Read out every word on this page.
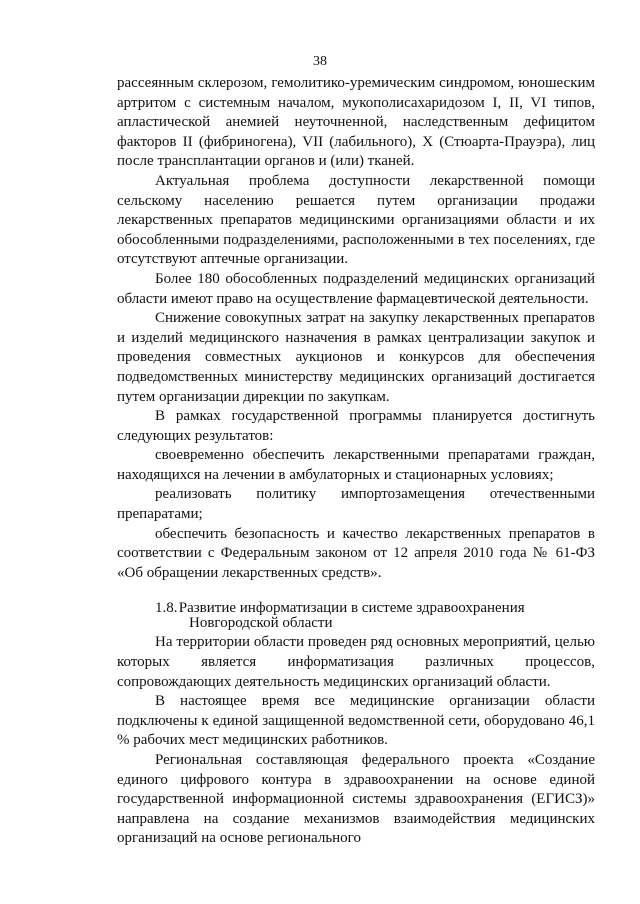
38

рассеянным склерозом, гемолитико-уремическим синдромом, юношеским артритом с системным началом, мукополисахаридозом I, II, VI типов, апластической анемией неуточненной, наследственным дефицитом факторов II (фибриногена), VII (лабильного), X (Стюарта-Прауэра), лиц после трансплантации органов и (или) тканей.

Актуальная проблема доступности лекарственной помощи сельскому населению решается путем организации продажи лекарственных препаратов медицинскими организациями области и их обособленными подразделениями, расположенными в тех поселениях, где отсутствуют аптечные организации.

Более 180 обособленных подразделений медицинских организаций области имеют право на осуществление фармацевтической деятельности.

Снижение совокупных затрат на закупку лекарственных препаратов и изделий медицинского назначения в рамках централизации закупок и проведения совместных аукционов и конкурсов для обеспечения подведомственных министерству медицинских организаций достигается путем организации дирекции по закупкам.

В рамках государственной программы планируется достигнуть следующих результатов:

своевременно обеспечить лекарственными препаратами граждан, находящихся на лечении в амбулаторных и стационарных условиях;

реализовать политику импортозамещения отечественными препаратами;

обеспечить безопасность и качество лекарственных препаратов в соответствии с Федеральным законом от 12 апреля 2010 года № 61-ФЗ «Об обращении лекарственных средств».

1.8. Развитие информатизации в системе здравоохранения
Новгородской области

На территории области проведен ряд основных мероприятий, целью которых является информатизация различных процессов, сопровождающих деятельность медицинских организаций области.

В настоящее время все медицинские организации области подключены к единой защищенной ведомственной сети, оборудовано 46,1 % рабочих мест медицинских работников.

Региональная составляющая федерального проекта «Создание единого цифрового контура в здравоохранении на основе единой государственной информационной системы здравоохранения (ЕГИСЗ)» направлена на создание механизмов взаимодействия медицинских организаций на основе регионального
